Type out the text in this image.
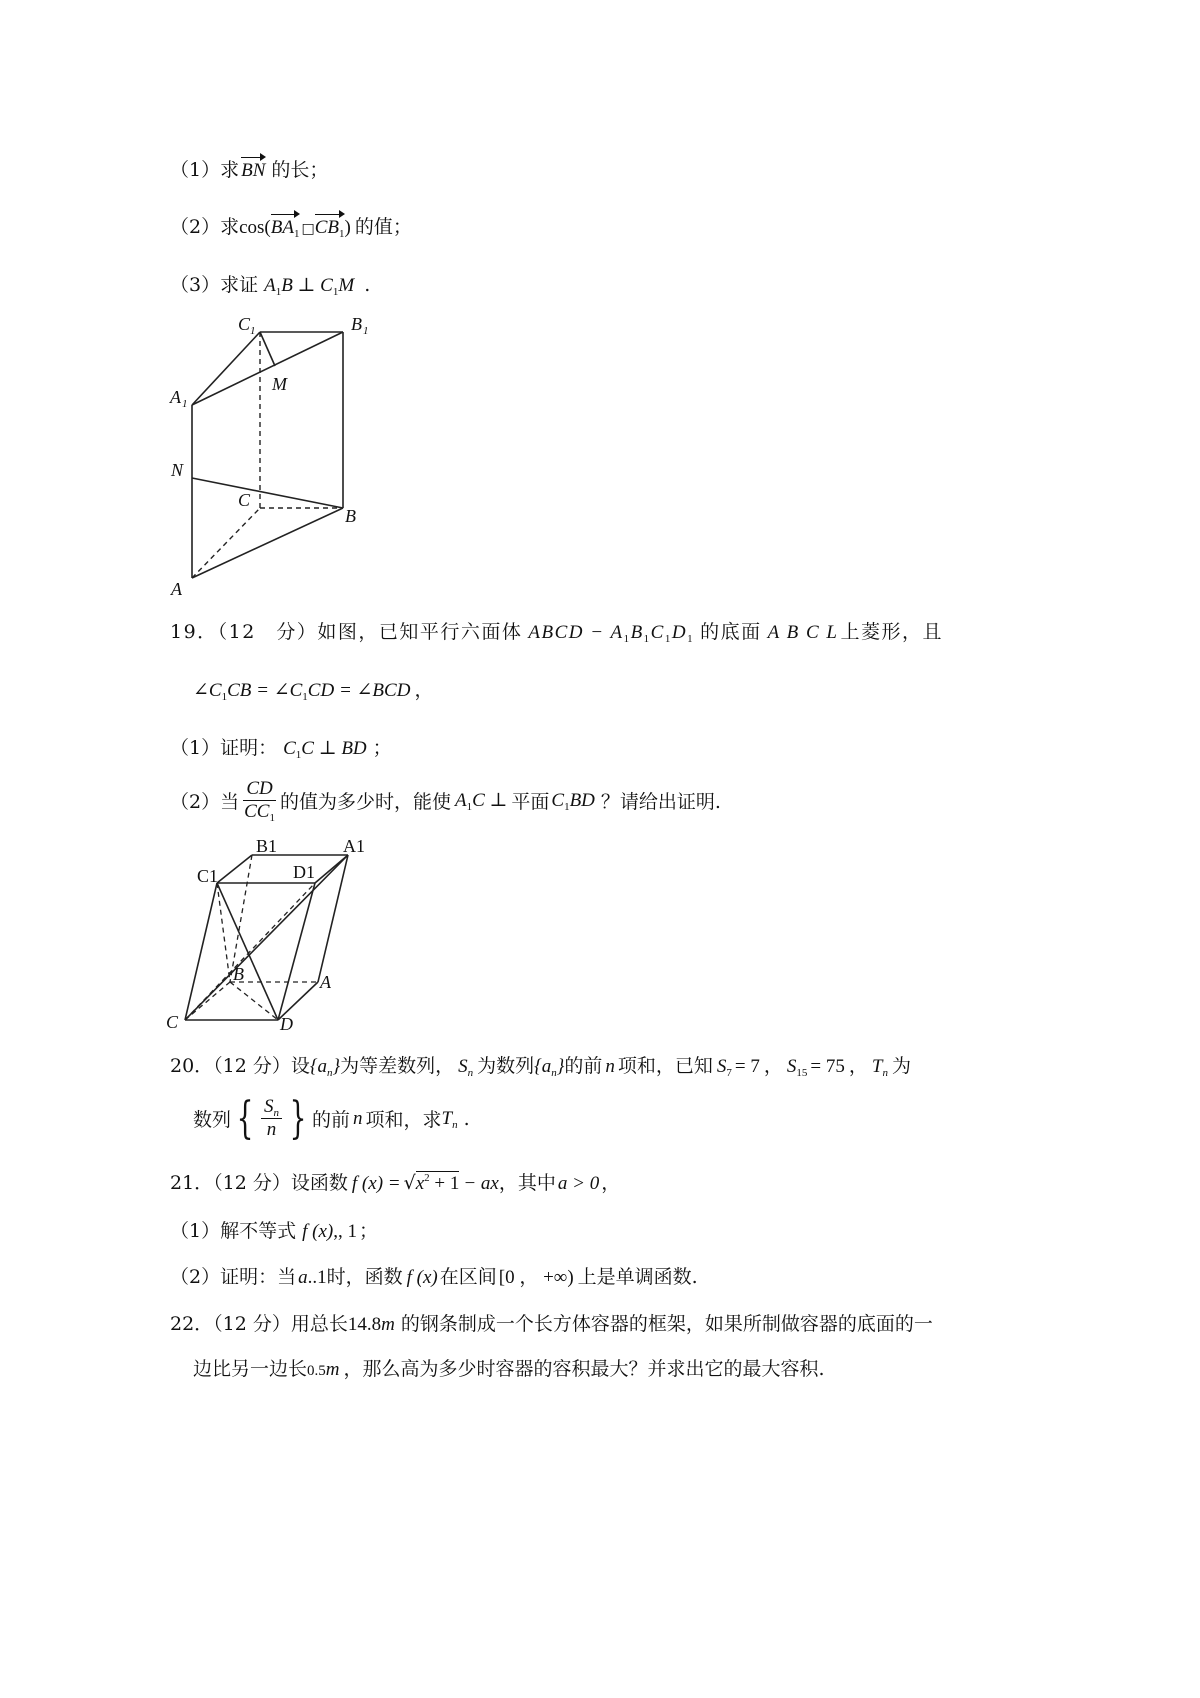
（1）求 BN 的长；
（2）求$\cos(BA_1$ $□CB_1$) 的值；
（3）求证 $A_1B$ ⊥ $C_1M$ .
C 1	B 1
A 1
M
N
C
B
A
19．（12　分）如图，已知平行六面体 ABCD − $A_1B_1C_1D_1$ 的底面 A B C L 上菱形，且
$\angle C_1CB$ = $\angle C_1CD$ = ∠BCD ，
（1）证明： $C_1C$ ⊥ BD ；
（2）当 $\frac{CD}{CC_1}$ 的值为多少时，能使 $A_1C$ ⊥ 平面 $C_1BD$ ？请给出证明.
B1	A1
C1	D1
B	A
C	D
20．（12 分）设$\{a_n\}$为等差数列， $S_n$ 为数列$\{a_n\}$的前 n 项和，已知 $S_7 = 7$ ， $S_{15} = 75$ ， $T_n$ 为
数列 { $\frac{S_n}{n}$ } 的前 n 项和，求$T_n$ .
21．（12 分）设函数 f $(x) = √x^2 + 1$ − ax，其中 a > 0 ，
（1）解不等式 f (x),, 1 ；
（2）证明：当 a..1时，函数 f (x) 在区间 [0 ， +∞) 上是单调函数.
22．（12 分）用总长14.8m 的钢条制成一个长方体容器的框架，如果所制做容器的底面的一
边比另一边长0.5m ，那么高为多少时容器的容积最大？并求出它的最大容积.
